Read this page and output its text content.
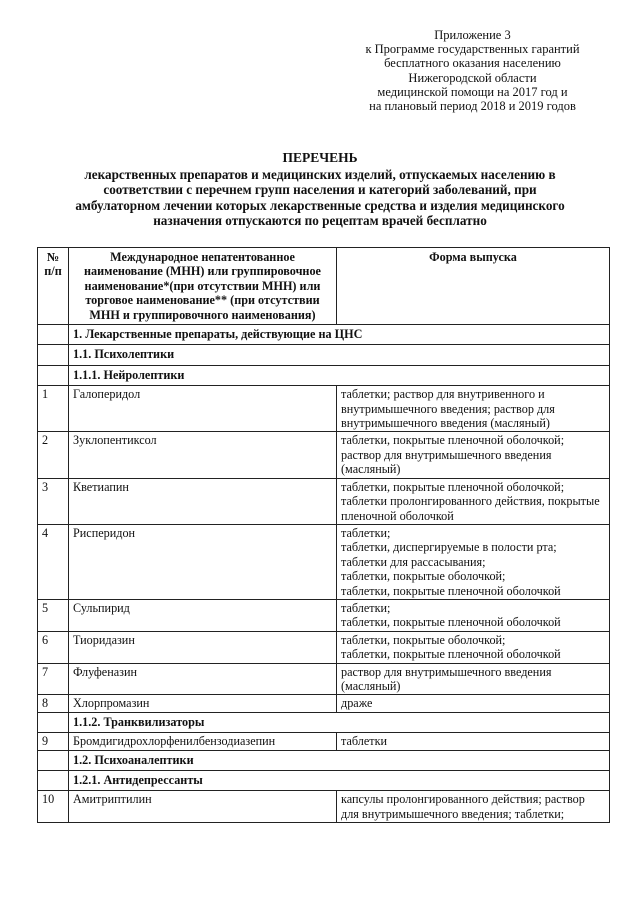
Приложение 3
к Программе государственных гарантий
бесплатного оказания населению
Нижегородской области
медицинской помощи на 2017 год и
на плановый период 2018 и 2019 годов
ПЕРЕЧЕНЬ
лекарственных препаратов и медицинских изделий, отпускаемых населению в
соответствии с перечнем групп населения и категорий заболеваний, при
амбулаторном лечении которых лекарственные средства и изделия медицинского
назначения отпускаются по рецептам врачей бесплатно
№ п/п	Международное непатентованное наименование (МНН) или группировочное наименование*(при отсутствии МНН) или торговое наименование** (при отсутствии МНН и группировочного наименования)	Форма выпуска
	1. Лекарственные препараты, действующие на ЦНС	
	1.1. Психолептики	
	1.1.1. Нейролептики	
1	Галоперидол	таблетки; раствор для внутривенного и внутримышечного введения; раствор для внутримышечного введения (масляный)

2	Зуклопентиксол	таблетки, покрытые пленочной оболочкой; раствор для внутримышечного введения (масляный)

3	Кветиапин	таблетки, покрытые пленочной оболочкой; таблетки пролонгированного действия, покрытые пленочной оболочкой

4	Рисперидон	таблетки;
таблетки, диспергируемые в полости рта;
таблетки для рассасывания;
таблетки, покрытые оболочкой;
таблетки, покрытые пленочной оболочкой

5	Сульпирид	таблетки;
таблетки, покрытые пленочной оболочкой

6	Тиоридазин	таблетки, покрытые оболочкой;
таблетки, покрытые пленочной оболочкой

7	Флуфеназин	раствор для внутримышечного введения (масляный)

8	Хлорпромазин	драже

	1.1.2. Транквилизаторы	
9	Бромдигидрохлорфенилбензодиазепин	таблетки

	1.2. Психоаналептики	
	1.2.1. Антидепрессанты	
10	Амитриптилин	капсулы пролонгированного действия; раствор для внутримышечного введения; таблетки;
